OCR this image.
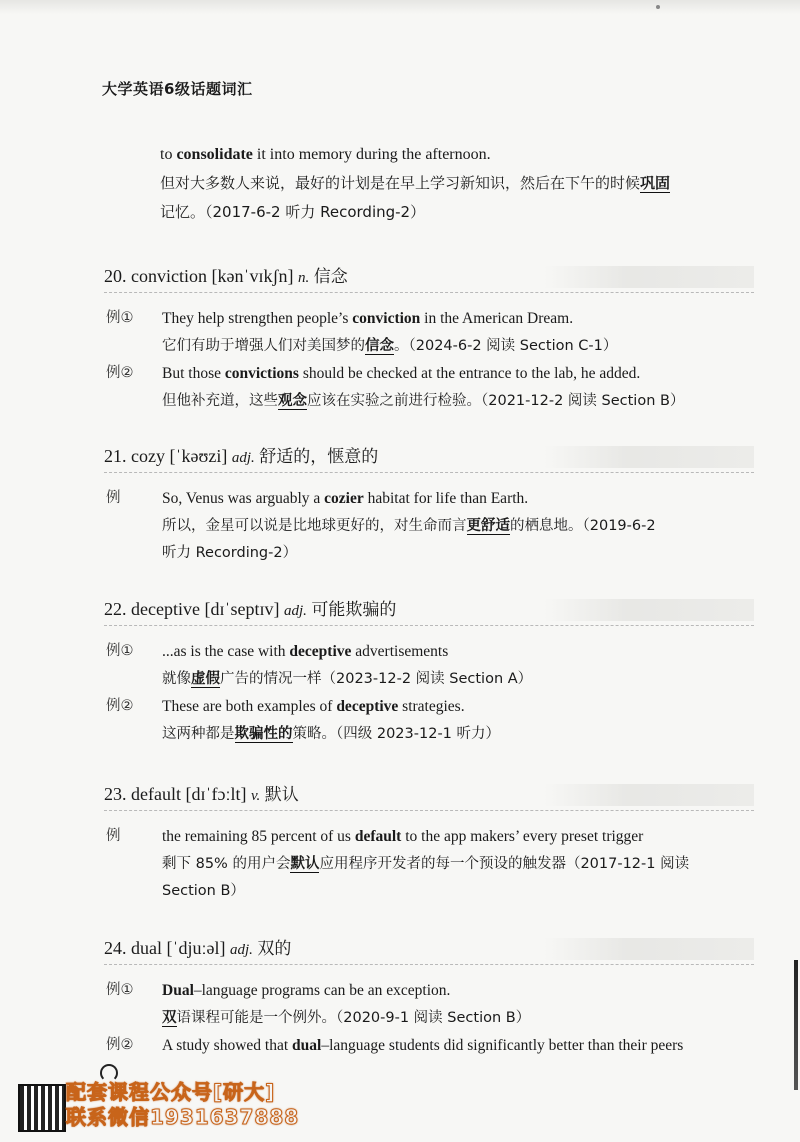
大学英语6级话题词汇
to consolidate it into memory during the afternoon.
但对大多数人来说，最好的计划是在早上学习新知识，然后在下午的时候巩固
记忆。（2017-6-2 听力 Recording-2）
20. conviction [kənˈvɪkʃn] n. 信念
例①	They help strengthen people’s conviction in the American Dream.
它们有助于增强人们对美国梦的信念。（2024-6-2 阅读 Section C-1）
例②	But those convictions should be checked at the entrance to the lab, he added.
但他补充道，这些观念应该在实验之前进行检验。（2021-12-2 阅读 Section B）
21. cozy [ˈkəʊzi] adj. 舒适的，惬意的
例	So, Venus was arguably a cozier habitat for life than Earth.
所以，金星可以说是比地球更好的，对生命而言更舒适的栖息地。（2019-6-2
听力 Recording-2）
22. deceptive [dɪˈseptɪv] adj. 可能欺骗的
例①	...as is the case with deceptive advertisements
就像虚假广告的情况一样（2023-12-2 阅读 Section A）
例②	These are both examples of deceptive strategies.
这两种都是欺骗性的策略。（四级 2023-12-1 听力）
23. default [dɪˈfɔːlt] v. 默认
例	the remaining 85 percent of us default to the app makers’ every preset trigger
剩下 85% 的用户会默认应用程序开发者的每一个预设的触发器（2017-12-1 阅读
Section B）
24. dual [ˈdjuːəl] adj. 双的
例①	Dual–language programs can be an exception.
双语课程可能是一个例外。（2020-9-1 阅读 Section B）
例②	A study showed that dual–language students did significantly better than their peers
配套课程公众号[研大]
联系微信1931637888
